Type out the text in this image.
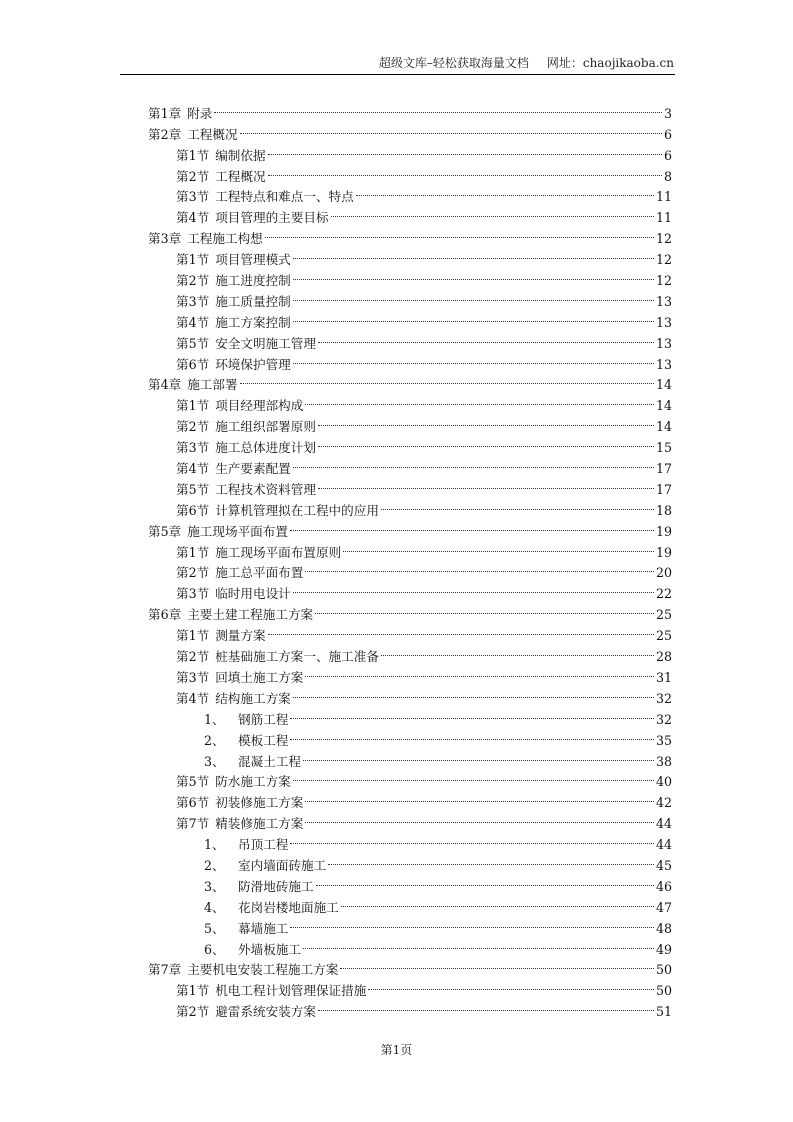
超级文库–轻松获取海量文档 网址：chaojikaoba.cn
第1章 附录	3
第2章 工程概况	6
第1节 编制依据	6
第2节 工程概况	8
第3节 工程特点和难点一、特点	11
第4节 项目管理的主要目标	11
第3章 工程施工构想	12
第1节 项目管理模式	12
第2节 施工进度控制	12
第3节 施工质量控制	13
第4节 施工方案控制	13
第5节 安全文明施工管理	13
第6节 环境保护管理	13
第4章 施工部署	14
第1节 项目经理部构成	14
第2节 施工组织部署原则	14
第3节 施工总体进度计划	15
第4节 生产要素配置	17
第5节 工程技术资料管理	17
第6节 计算机管理拟在工程中的应用	18
第5章 施工现场平面布置	19
第1节 施工现场平面布置原则	19
第2节 施工总平面布置	20
第3节 临时用电设计	22
第6章 主要土建工程施工方案	25
第1节 测量方案	25
第2节 桩基础施工方案一、施工准备	28
第3节 回填土施工方案	31
第4节 结构施工方案	32
1、	钢筋工程	32
2、	模板工程	35
3、	混凝土工程	38
第5节 防水施工方案	40
第6节 初装修施工方案	42
第7节 精装修施工方案	44
1、	吊顶工程	44
2、	室内墙面砖施工	45
3、	防滑地砖施工	46
4、	花岗岩楼地面施工	47
5、	幕墙施工	48
6、	外墙板施工	49
第7章 主要机电安装工程施工方案	50
第1节 机电工程计划管理保证措施	50
第2节 避雷系统安装方案	51
第1页
